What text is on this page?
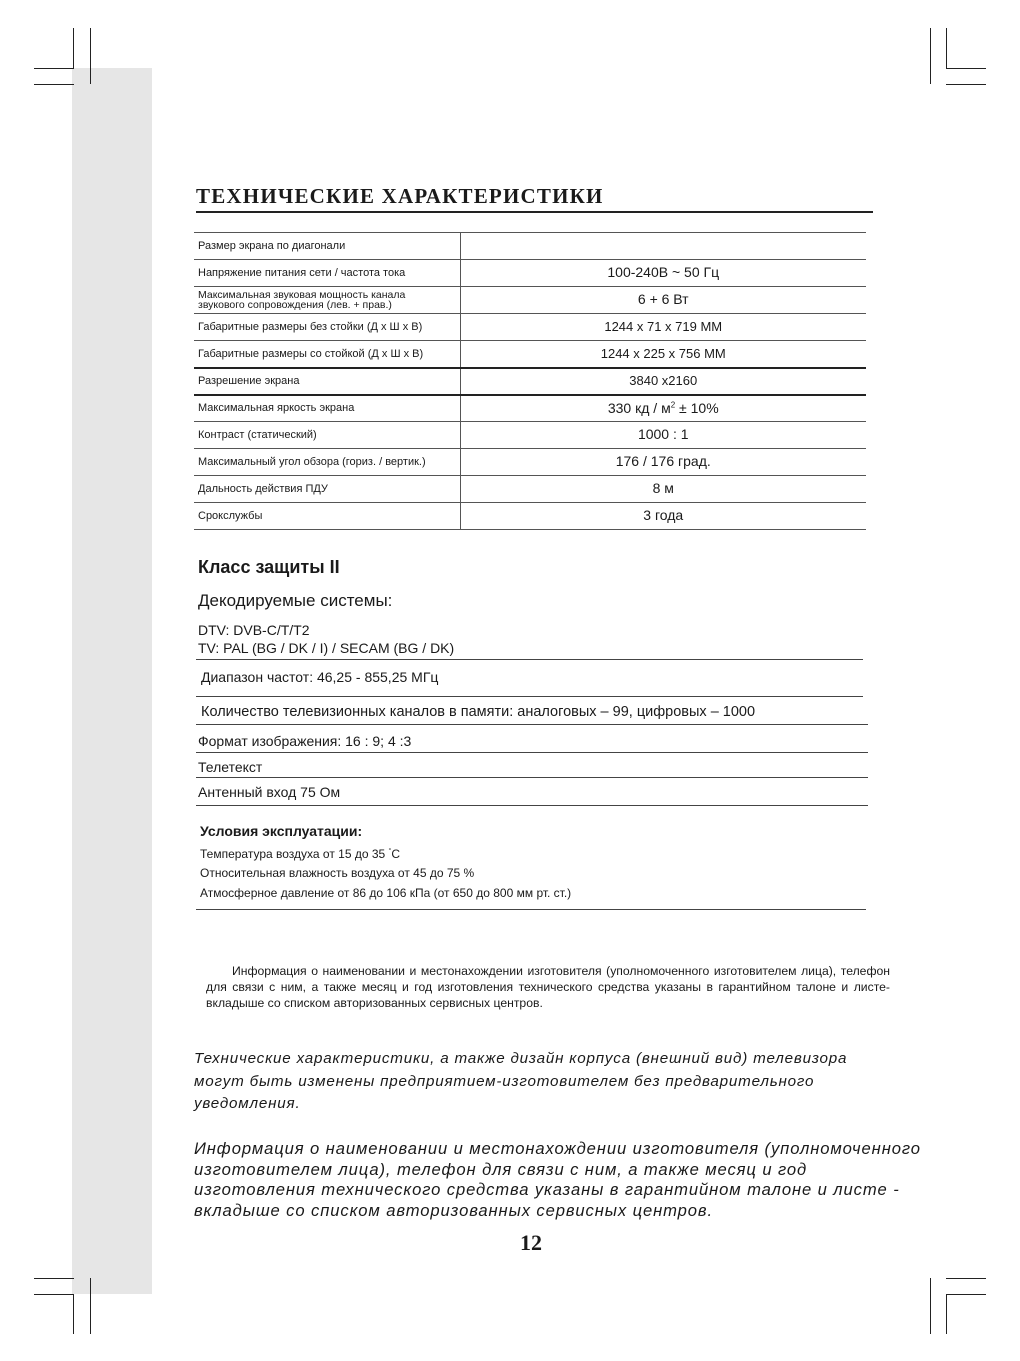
ТЕХНИЧЕСКИЕ ХАРАКТЕРИСТИКИ
Размер экрана по диагонали	
Напряжение питания сети / частота тока	100-240В ~ 50 Гц
Максимальная звуковая мощность канала звукового сопровождения (лев. + прав.)	6 + 6 Вт
Габаритные размеры без стойки (Д х Ш х В)	1244 х 71 х 719 ММ
Габаритные размеры со стойкой (Д х Ш х В)	1244 х 225 х 756 ММ
Разрешение экрана	3840 х2160
Максимальная яркость экрана	330 кд / $м^2 \pm 10\%$
Контраст (статический)	1000 : 1
Максимальный угол обзора (гориз. / вертик.)	176 / 176 град.
Дальность действия ПДУ	8 м
Срокслужбы	3 года
Класс защиты II
Декодируемые системы:
DTV: DVB-C/T/T2
TV: PAL (BG / DK / I) / SECAM (BG / DK)
Диапазон частот: 46,25 - 855,25 МГц
Количество телевизионных каналов в памяти: аналоговых – 99, цифровых – 1000
Формат изображения: 16 : 9; 4 :3
Телетекст
Антенный вход 75 Ом
Условия эксплуатации:
Температура воздуха от 15 до 35 °С
Относительная влажность воздуха от 45 до 75 %
Атмосферное давление от 86 до 106 кПа (от 650 до 800 мм рт. ст.)

Информация о наименовании и местонахождении изготовителя (уполномоченного изготовителем лица), телефон для связи с ним, а также месяц и год изготовления технического средства указаны в гарантийном талоне и листе-вкладыше со списком авторизованных сервисных центров.

Технические характеристики, а также дизайн корпуса (внешний вид) телевизора могут быть изменены предприятием-изготовителем без предварительного уведомления.

Информация о наименовании и местонахождении изготовителя (уполномоченного изготовителем лица), телефон для связи с ним, а также месяц и год изготовления технического средства указаны в гарантийном талоне и листе - вкладыше со списком авторизованных сервисных центров.

12
